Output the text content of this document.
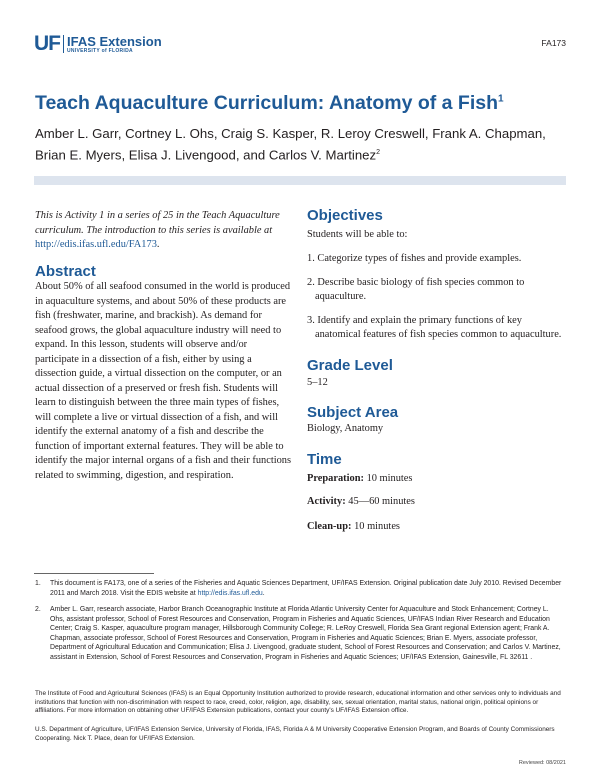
UF IFAS Extension
UNIVERSITY of FLORIDA
FA173
Teach Aquaculture Curriculum: Anatomy of a Fish$^1$
Amber L. Garr, Cortney L. Ohs, Craig S. Kasper, R. Leroy Creswell, Frank A. Chapman, Brian E. Myers, Elisa J. Livengood, and Carlos V. Martinez$^2$
This is Activity 1 in a series of 25 in the Teach Aquaculture curriculum. The introduction to this series is available at http://edis.ifas.ufl.edu/FA173.
Abstract
About 50% of all seafood consumed in the world is produced in aquaculture systems, and about 50% of these products are fish (freshwater, marine, and brackish). As demand for seafood grows, the global aquaculture industry will need to expand. In this lesson, students will observe and/or participate in a dissection of a fish, either by using a dissection guide, a virtual dissection on the computer, or an actual dissection of a preserved or fresh fish. Students will learn to distinguish between the three main types of fishes, will complete a live or virtual dissection of a fish, and will identify the external anatomy of a fish and describe the function of important external features. They will be able to identify the major internal organs of a fish and their functions related to swimming, digestion, and respiration.
Objectives
Students will be able to:
1. Categorize types of fishes and provide examples.
2. Describe basic biology of fish species common to aquaculture.
3. Identify and explain the primary functions of key anatomical features of fish species common to aquaculture.
Grade Level
5–12
Subject Area
Biology, Anatomy
Time
Preparation: 10 minutes
Activity: 45—60 minutes
Clean-up: 10 minutes
1.	This document is FA173, one of a series of the Fisheries and Aquatic Sciences Department, UF/IFAS Extension. Original publication date July 2010. Revised December 2011 and March 2018. Visit the EDIS website at http://edis.ifas.ufl.edu.
2.	Amber L. Garr, research associate, Harbor Branch Oceanographic Institute at Florida Atlantic University Center for Aquaculture and Stock Enhancement; Cortney L. Ohs, assistant professor, School of Forest Resources and Conservation, Program in Fisheries and Aquatic Sciences, UF/IFAS Indian River Research and Education Center; Craig S. Kasper, aquaculture program manager, Hillsborough Community College; R. LeRoy Creswell, Florida Sea Grant regional Extension agent; Frank A. Chapman, associate professor, School of Forest Resources and Conservation, Program in Fisheries and Aquatic Sciences; Brian E. Myers, associate professor, Department of Agricultural Education and Communication; Elisa J. Livengood, graduate student, School of Forest Resources and Conservation; and Carlos V. Martinez, assistant in Extension, School of Forest Resources and Conservation, Program in Fisheries and Aquatic Sciences; UF/IFAS Extension, Gainesville, FL 32611 .
The Institute of Food and Agricultural Sciences (IFAS) is an Equal Opportunity Institution authorized to provide research, educational information and other services only to individuals and institutions that function with non-discrimination with respect to race, creed, color, religion, age, disability, sex, sexual orientation, marital status, national origin, political opinions or affiliations. For more information on obtaining other UF/IFAS Extension publications, contact your county's UF/IFAS Extension office.
U.S. Department of Agriculture, UF/IFAS Extension Service, University of Florida, IFAS, Florida A & M University Cooperative Extension Program, and Boards of County Commissioners Cooperating. Nick T. Place, dean for UF/IFAS Extension.
Reviewed: 08/2021
